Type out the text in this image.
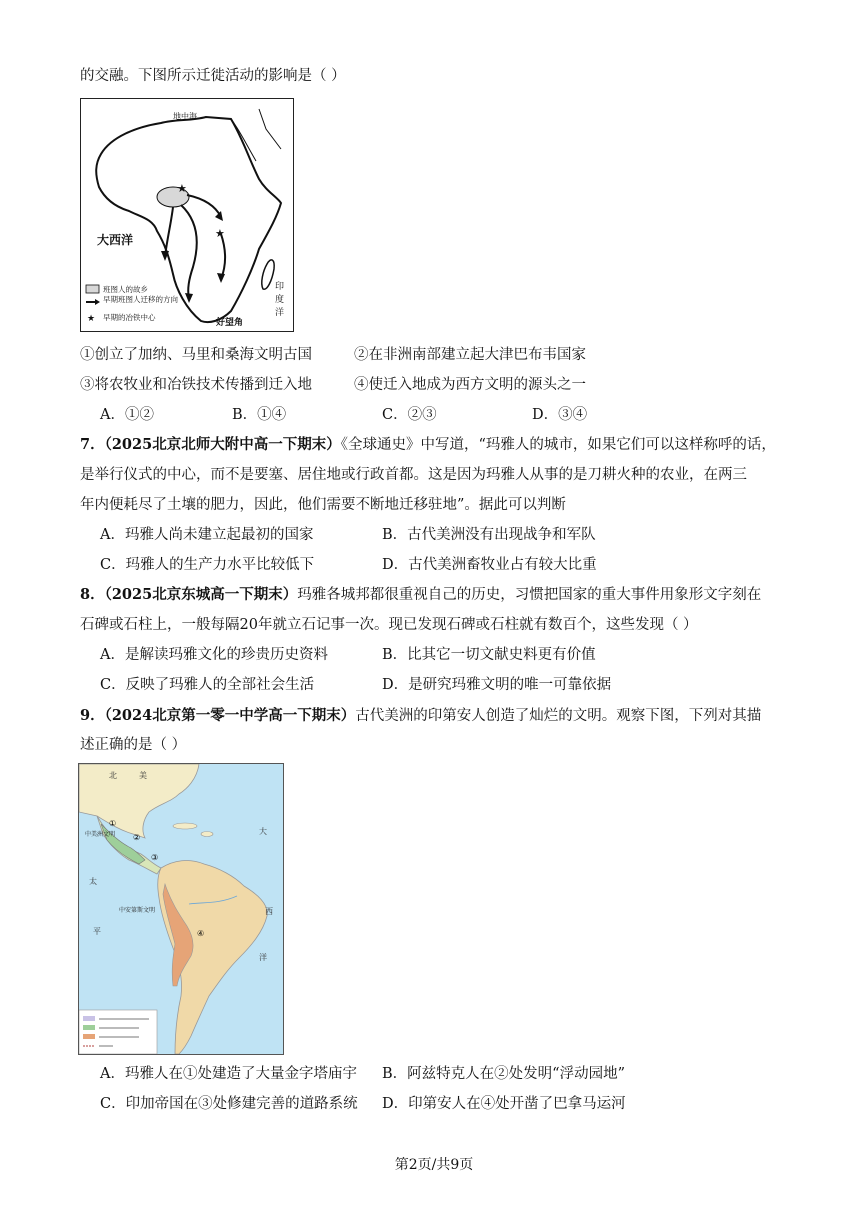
的交融。下图所示迁徙活动的影响是（ ）
★
★
地中海
大西洋
好望角
印 度 洋
班图人的故乡
早期班图人迁移的方向
★ 早期的冶铁中心
①创立了加纳、马里和桑海文明古国	②在非洲南部建立起大津巴布韦国家
③将农牧业和冶铁技术传播到迁入地	④使迁入地成为西方文明的源头之一
A．①②	B．①④	C．②③	D．③④
7．（2025北京北师大附中高一下期末）《全球通史》中写道，“玛雅人的城市，如果它们可以这样称呼的话，
是举行仪式的中心，而不是要塞、居住地或行政首都。这是因为玛雅人从事的是刀耕火种的农业，在两三
年内便耗尽了土壤的肥力，因此，他们需要不断地迁移驻地”。据此可以判断
A．玛雅人尚未建立起最初的国家	B．古代美洲没有出现战争和军队
C．玛雅人的生产力水平比较低下	D．古代美洲畜牧业占有较大比重
8．（2025北京东城高一下期末）玛雅各城邦都很重视自己的历史，习惯把国家的重大事件用象形文字刻在
石碑或石柱上，一般每隔20年就立石记事一次。现已发现石碑或石柱就有数百个，这些发现（ ）
A．是解读玛雅文化的珍贵历史资料	B．比其它一切文献史料更有价值
C．反映了玛雅人的全部社会生活	D．是研究玛雅文明的唯一可靠依据
9．（2024北京第一零一中学高一下期末）古代美洲的印第安人创造了灿烂的文明。观察下图，下列对其描
述正确的是（ ）
北	美
大
西
洋
太
平
中美洲文明
中安第斯文明
①
②
③
④
A．玛雅人在①处建造了大量金字塔庙宇 B．阿兹特克人在②处发明“浮动园地”
C．印加帝国在③处修建完善的道路系统 D．印第安人在④处开凿了巴拿马运河
第2页/共9页
